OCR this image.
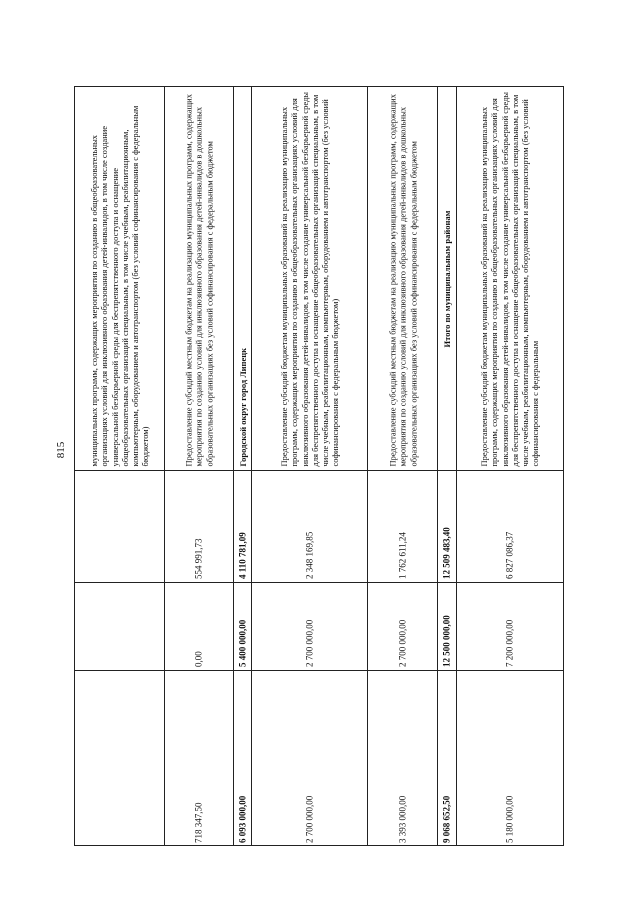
815	муниципальных программ, содержащих мероприятия по созданию в общеобразовательных организациях условий для инклюзивного образования детей-инвалидов, в том числе создание универсальной безбарьерной среды для беспрепятственного доступа и оснащение общеобразовательных организаций специальным, в том числе учебным, реабилитационным, компьютерным, оборудованием и автотранспортом (без условий софинансирования с федеральным бюджетом)	Предоставление субсидий местным бюджетам на реализацию муниципальных программ, содержащих мероприятия по созданию условий для инклюзивного образования детей-инвалидов в дошкольных образовательных организациях без условий софинансирования с федеральным бюджетом
554 991,73
0,00
718 347,50
Городской округ город Липецк
4 110 781,09
5 400 000,00
6 093 000,00
Предоставление субсидий бюджетам муниципальных образований на реализацию муниципальных программ, содержащих мероприятия по созданию в общеобразовательных организациях условий для инклюзивного образования детей-инвалидов, в том числе создание универсальной безбарьерной среды для беспрепятственного доступа и оснащение общеобразовательных организаций специальным, в том числе учебным, реабилитационным, компьютерным, оборудованием и автотранспортом (без условий софинансирования с федеральным бюджетом)
2 348 169,85
2 700 000,00
2 700 000,00
Предоставление субсидий местным бюджетам на реализацию муниципальных программ, содержащих мероприятия по созданию условий для инклюзивного образования детей-инвалидов в дошкольных образовательных организациях без условий софинансирования с федеральным бюджетом
1 762 611,24
2 700 000,00
3 393 000,00
Итого по муниципальным районам
12 509 483,40
12 500 000,00
9 068 652,50
Предоставление субсидий бюджетам муниципальных образований на реализацию муниципальных программ, содержащих мероприятия по созданию в общеобразовательных организациях условий для инклюзивного образования детей-инвалидов, в том числе создание универсальной безбарьерной среды для беспрепятственного доступа и оснащение общеобразовательных организаций специальным, в том числе учебным, реабилитационным, компьютерным, оборудованием и автотранспортом (без условий софинансирования с федеральным
6 827 086,37
7 200 000,00
5 180 000,00
